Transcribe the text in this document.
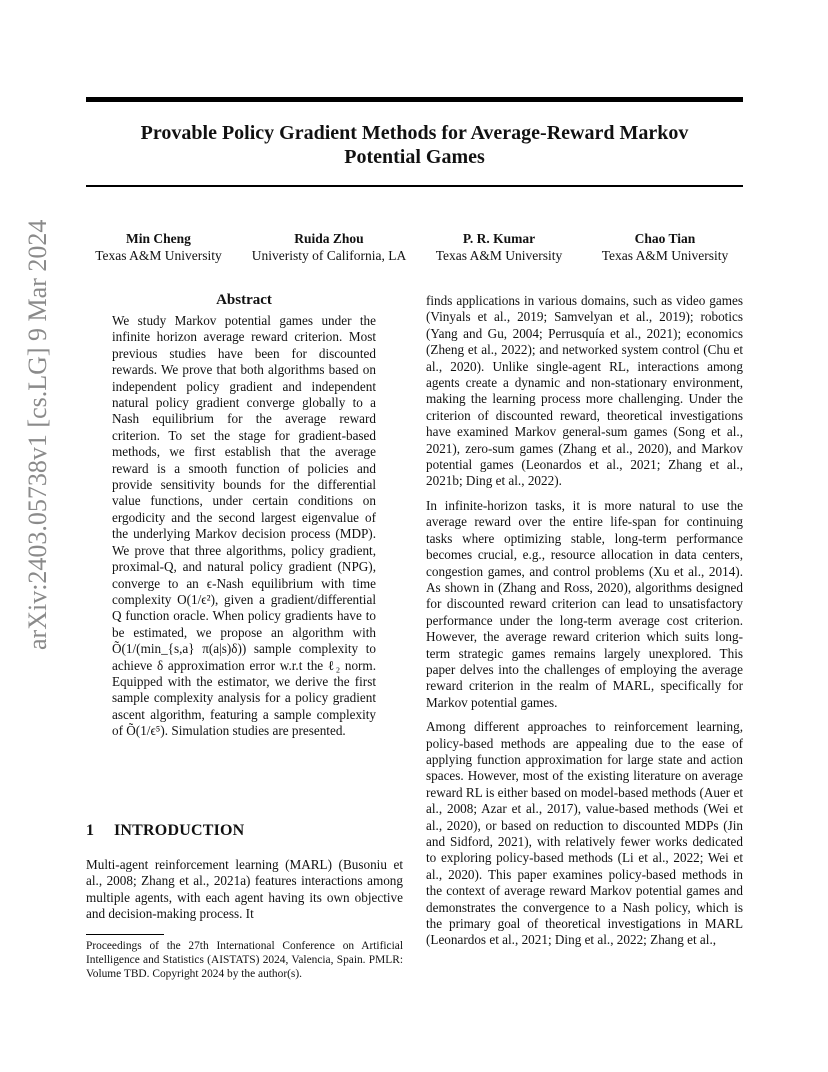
Provable Policy Gradient Methods for Average-Reward Markov
Potential Games
Min Cheng
Texas A&M University
Ruida Zhou
Univeristy of California, LA
P. R. Kumar
Texas A&M University
Chao Tian
Texas A&M University
arXiv:2403.05738v1 [cs.LG] 9 Mar 2024	Abstract

We study Markov potential games under the infinite horizon average reward criterion. Most previous studies have been for discounted rewards. We prove that both algorithms based on independent policy gradient and independent natural policy gradient converge globally to a Nash equilibrium for the average reward criterion. To set the stage for gradient-based methods, we first establish that the average reward is a smooth function of policies and provide sensitivity bounds for the differential value functions, under certain conditions on ergodicity and the second largest eigenvalue of the underlying Markov decision process (MDP). We prove that three algorithms, policy gradient, proximal-Q, and natural policy gradient (NPG), converge to an ϵ-Nash equilibrium with time complexity O(1/ϵ²), given a gradient/differential Q function oracle. When policy gradients have to be estimated, we propose an algorithm with Õ(1/(min_{s,a} π(a|s)δ)) sample complexity to achieve δ approximation error w.r.t the ℓ₂ norm. Equipped with the estimator, we derive the first sample complexity analysis for a policy gradient ascent algorithm, featuring a sample complexity of Õ(1/ϵ⁵). Simulation studies are presented.

1 INTRODUCTION

Multi-agent reinforcement learning (MARL) (Busoniu et al., 2008; Zhang et al., 2021a) features interactions among multiple agents, with each agent having its own objective and decision-making process. It

Proceedings of the 27th International Conference on Artificial Intelligence and Statistics (AISTATS) 2024, Valencia, Spain. PMLR: Volume TBD. Copyright 2024 by the author(s).

finds applications in various domains, such as video games (Vinyals et al., 2019; Samvelyan et al., 2019); robotics (Yang and Gu, 2004; Perrusquía et al., 2021); economics (Zheng et al., 2022); and networked system control (Chu et al., 2020). Unlike single-agent RL, interactions among agents create a dynamic and non-stationary environment, making the learning process more challenging. Under the criterion of discounted reward, theoretical investigations have examined Markov general-sum games (Song et al., 2021), zero-sum games (Zhang et al., 2020), and Markov potential games (Leonardos et al., 2021; Zhang et al., 2021b; Ding et al., 2022).

In infinite-horizon tasks, it is more natural to use the average reward over the entire life-span for continuing tasks where optimizing stable, long-term performance becomes crucial, e.g., resource allocation in data centers, congestion games, and control problems (Xu et al., 2014). As shown in (Zhang and Ross, 2020), algorithms designed for discounted reward criterion can lead to unsatisfactory performance under the long-term average cost criterion. However, the average reward criterion which suits long-term strategic games remains largely unexplored. This paper delves into the challenges of employing the average reward criterion in the realm of MARL, specifically for Markov potential games.

Among different approaches to reinforcement learning, policy-based methods are appealing due to the ease of applying function approximation for large state and action spaces. However, most of the existing literature on average reward RL is either based on model-based methods (Auer et al., 2008; Azar et al., 2017), value-based methods (Wei et al., 2020), or based on reduction to discounted MDPs (Jin and Sidford, 2021), with relatively fewer works dedicated to exploring policy-based methods (Li et al., 2022; Wei et al., 2020). This paper examines policy-based methods in the context of average reward Markov potential games and demonstrates the convergence to a Nash policy, which is the primary goal of theoretical investigations in MARL (Leonardos et al., 2021; Ding et al., 2022; Zhang et al.,
